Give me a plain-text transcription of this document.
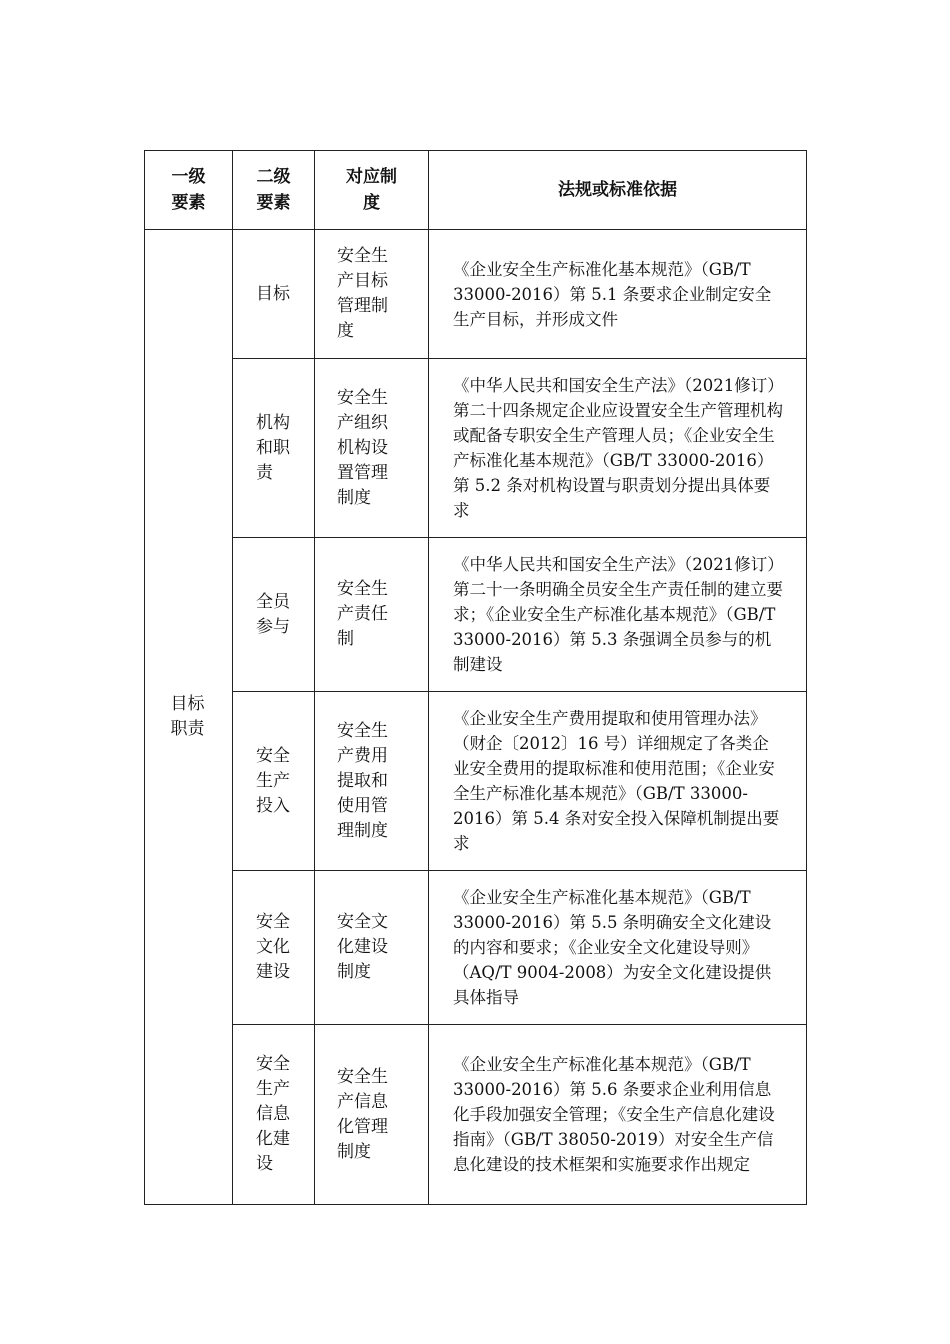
一级要素	二级要素	对应制度	法规或标准依据

目标职责	目标	安全生产目标管理制度	《企业安全生产标准化基本规范》（GB/T 33000-2016）第 5.1 条要求企业制定安全生产目标，并形成文件

	机构和职责	安全生产组织机构设置管理制度	《中华人民共和国安全生产法》（2021修订）第二十四条规定企业应设置安全生产管理机构或配备专职安全生产管理人员；《企业安全生产标准化基本规范》（GB/T 33000-2016）第 5.2 条对机构设置与职责划分提出具体要求

	全员参与	安全生产责任制	《中华人民共和国安全生产法》（2021修订）第二十一条明确全员安全生产责任制的建立要求；《企业安全生产标准化基本规范》（GB/T 33000-2016）第 5.3 条强调全员参与的机制建设

	安全生产投入	安全生产费用提取和使用管理制度	《企业安全生产费用提取和使用管理办法》（财企〔2012〕16 号）详细规定了各类企业安全费用的提取标准和使用范围；《企业安全生产标准化基本规范》（GB/T 33000-2016）第 5.4 条对安全投入保障机制提出要求

	安全文化建设	安全文化建设制度	《企业安全生产标准化基本规范》（GB/T 33000-2016）第 5.5 条明确安全文化建设的内容和要求；《企业安全文化建设导则》（AQ/T 9004-2008）为安全文化建设提供具体指导

	安全生产信息化建设	安全生产信息化管理制度	《企业安全生产标准化基本规范》（GB/T 33000-2016）第 5.6 条要求企业利用信息化手段加强安全管理；《安全生产信息化建设指南》（GB/T 38050-2019）对安全生产信息化建设的技术框架和实施要求作出规定
